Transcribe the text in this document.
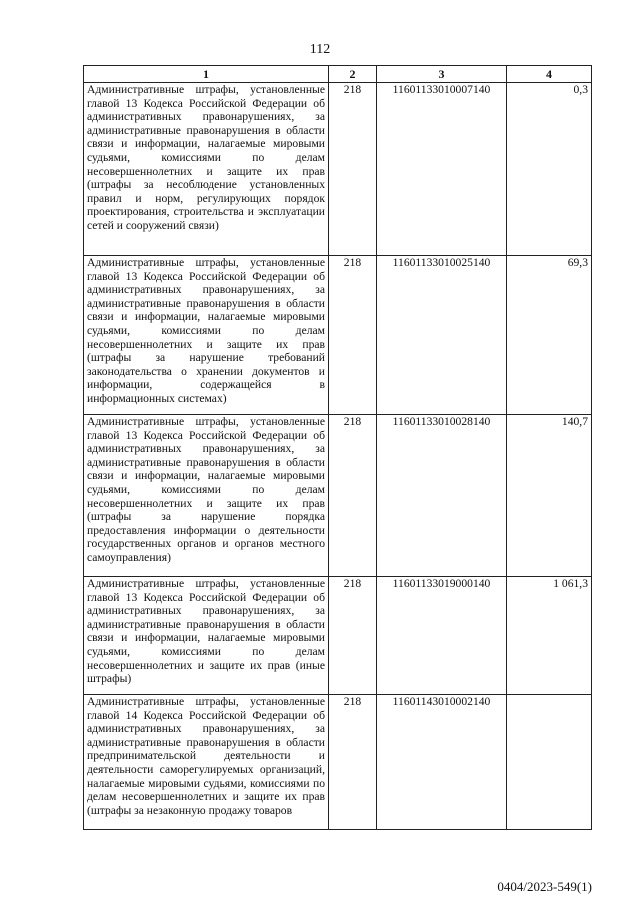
112
1	2	3	4
Административные штрафы, установленные главой 13 Кодекса Российской Федерации об административных правонарушениях, за административные правонарушения в области связи и информации, налагаемые мировыми судьями, комиссиями по делам несовершеннолетних и защите их прав (штрафы за несоблюдение установленных правил и норм, регулирующих порядок проектирования, строительства и эксплуатации сетей и сооружений связи)	218	11601133010007140	0,3
Административные штрафы, установленные главой 13 Кодекса Российской Федерации об административных правонарушениях, за административные правонарушения в области связи и информации, налагаемые мировыми судьями, комиссиями по делам несовершеннолетних и защите их прав (штрафы за нарушение требований законодательства о хранении документов и информации, содержащейся в информационных системах)	218	11601133010025140	69,3
Административные штрафы, установленные главой 13 Кодекса Российской Федерации об административных правонарушениях, за административные правонарушения в области связи и информации, налагаемые мировыми судьями, комиссиями по делам несовершеннолетних и защите их прав (штрафы за нарушение порядка предоставления информации о деятельности государственных органов и органов местного самоуправления)	218	11601133010028140	140,7
Административные штрафы, установленные главой 13 Кодекса Российской Федерации об административных правонарушениях, за административные правонарушения в области связи и информации, налагаемые мировыми судьями, комиссиями по делам несовершеннолетних и защите их прав (иные штрафы)	218	11601133019000140	1 061,3
Административные штрафы, установленные главой 14 Кодекса Российской Федерации об административных правонарушениях, за административные правонарушения в области предпринимательской деятельности и деятельности саморегулируемых организаций, налагаемые мировыми судьями, комиссиями по делам несовершеннолетних и защите их прав (штрафы за незаконную продажу товаров	218	11601143010002140	
0404/2023-549(1)
